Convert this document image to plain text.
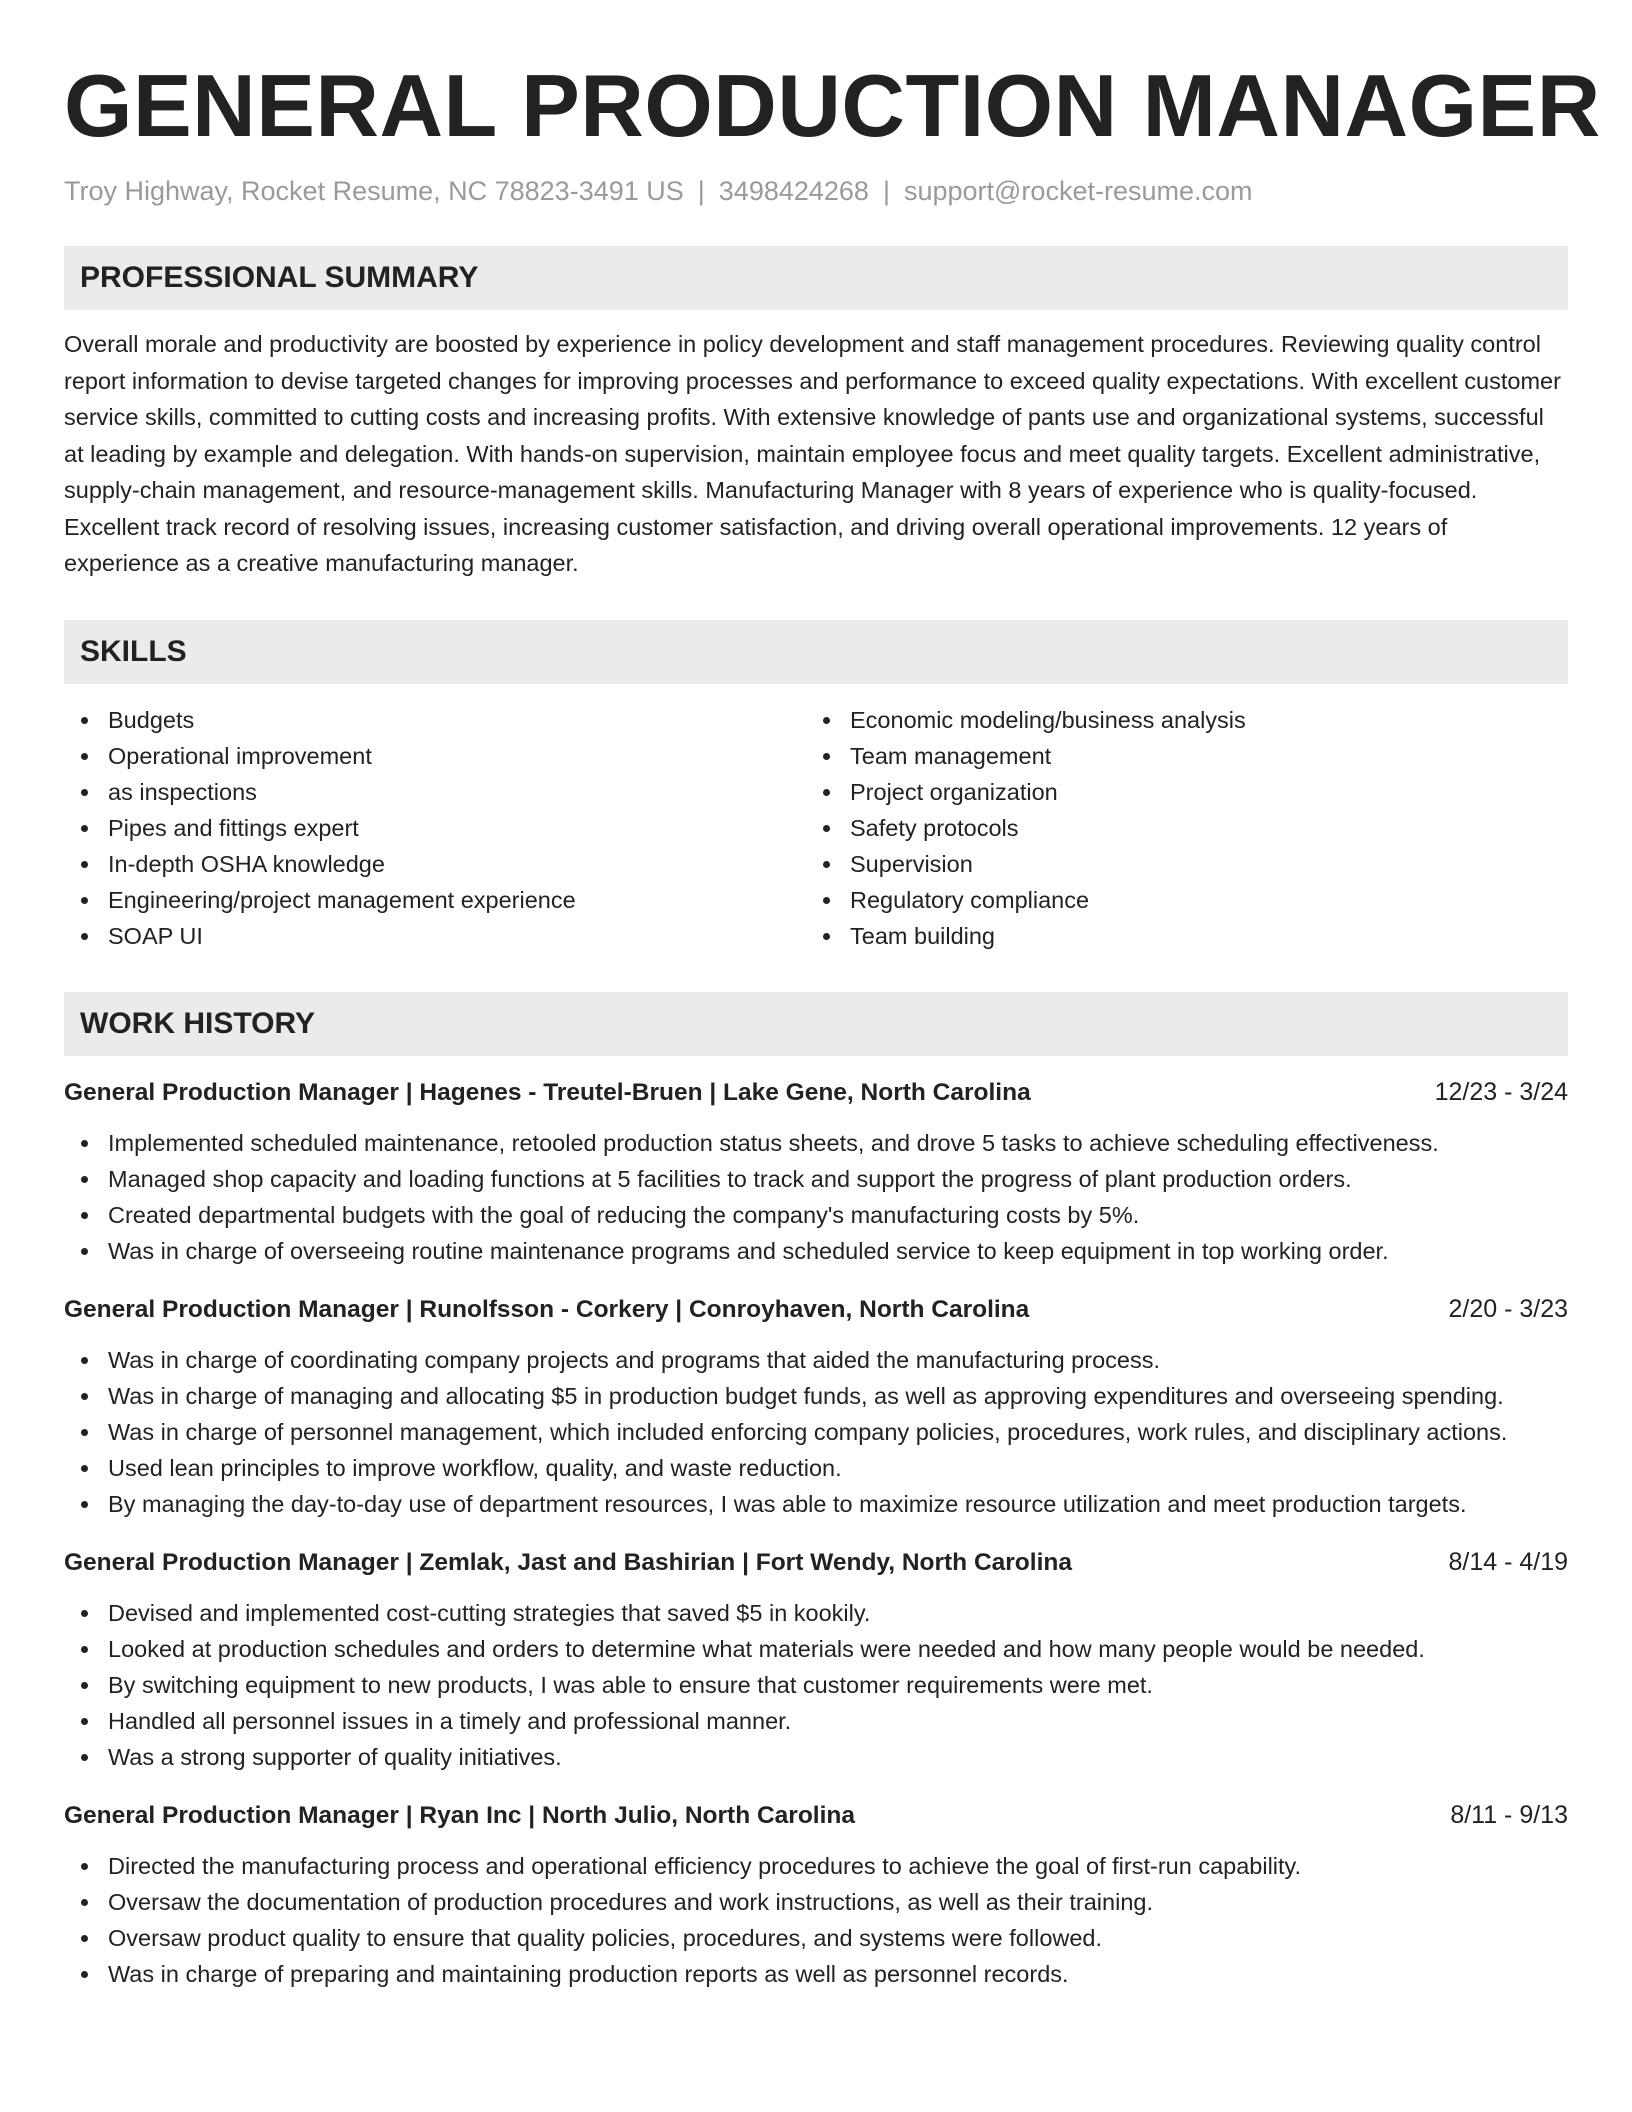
GENERAL PRODUCTION MANAGER
Troy Highway, Rocket Resume, NC 78823-3491 US | 3498424268 | support@rocket-resume.com
PROFESSIONAL SUMMARY
Overall morale and productivity are boosted by experience in policy development and staff management procedures. Reviewing quality control report information to devise targeted changes for improving processes and performance to exceed quality expectations. With excellent customer service skills, committed to cutting costs and increasing profits. With extensive knowledge of pants use and organizational systems, successful at leading by example and delegation. With hands-on supervision, maintain employee focus and meet quality targets. Excellent administrative, supply-chain management, and resource-management skills. Manufacturing Manager with 8 years of experience who is quality-focused. Excellent track record of resolving issues, increasing customer satisfaction, and driving overall operational improvements. 12 years of experience as a creative manufacturing manager.
SKILLS
Budgets
Operational improvement
as inspections
Pipes and fittings expert
In-depth OSHA knowledge
Engineering/project management experience
SOAP UI
Economic modeling/business analysis
Team management
Project organization
Safety protocols
Supervision
Regulatory compliance
Team building
WORK HISTORY
General Production Manager | Hagenes - Treutel-Bruen | Lake Gene, North Carolina	12/23 - 3/24
Implemented scheduled maintenance, retooled production status sheets, and drove 5 tasks to achieve scheduling effectiveness.
Managed shop capacity and loading functions at 5 facilities to track and support the progress of plant production orders.
Created departmental budgets with the goal of reducing the company's manufacturing costs by 5%.
Was in charge of overseeing routine maintenance programs and scheduled service to keep equipment in top working order.
General Production Manager | Runolfsson - Corkery | Conroyhaven, North Carolina	2/20 - 3/23
Was in charge of coordinating company projects and programs that aided the manufacturing process.
Was in charge of managing and allocating $5 in production budget funds, as well as approving expenditures and overseeing spending.
Was in charge of personnel management, which included enforcing company policies, procedures, work rules, and disciplinary actions.
Used lean principles to improve workflow, quality, and waste reduction.
By managing the day-to-day use of department resources, I was able to maximize resource utilization and meet production targets.
General Production Manager | Zemlak, Jast and Bashirian | Fort Wendy, North Carolina	8/14 - 4/19
Devised and implemented cost-cutting strategies that saved $5 in kookily.
Looked at production schedules and orders to determine what materials were needed and how many people would be needed.
By switching equipment to new products, I was able to ensure that customer requirements were met.
Handled all personnel issues in a timely and professional manner.
Was a strong supporter of quality initiatives.
General Production Manager | Ryan Inc | North Julio, North Carolina	8/11 - 9/13
Directed the manufacturing process and operational efficiency procedures to achieve the goal of first-run capability.
Oversaw the documentation of production procedures and work instructions, as well as their training.
Oversaw product quality to ensure that quality policies, procedures, and systems were followed.
Was in charge of preparing and maintaining production reports as well as personnel records.
